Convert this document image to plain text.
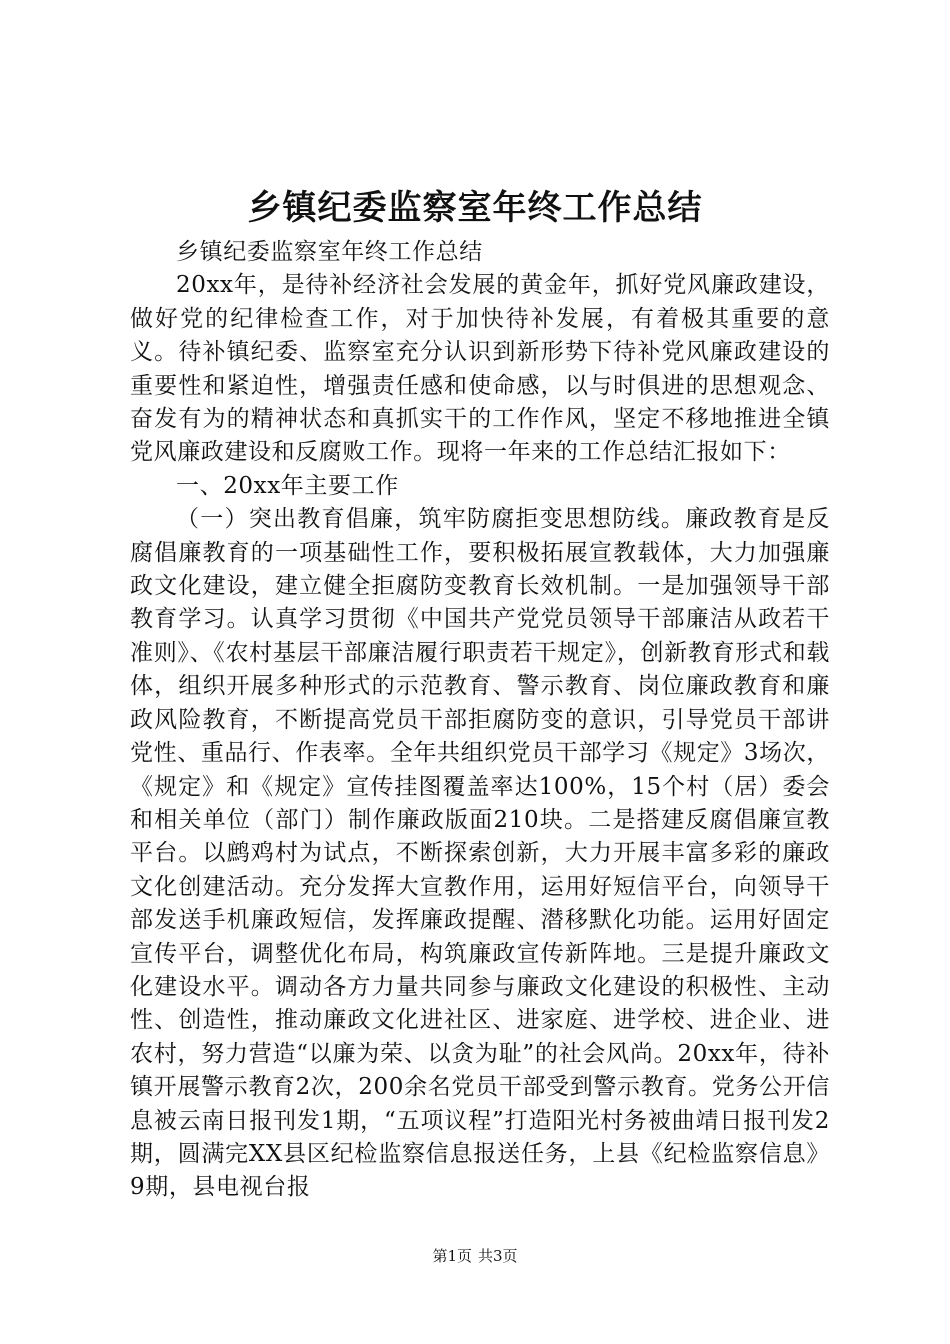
乡镇纪委监察室年终工作总结

乡镇纪委监察室年终工作总结

20xx年，是待补经济社会发展的黄金年，抓好党风廉政建设，做好党的纪律检查工作，对于加快待补发展，有着极其重要的意义。待补镇纪委、监察室充分认识到新形势下待补党风廉政建设的重要性和紧迫性，增强责任感和使命感，以与时俱进的思想观念、奋发有为的精神状态和真抓实干的工作作风，坚定不移地推进全镇党风廉政建设和反腐败工作。现将一年来的工作总结汇报如下：

一、20xx年主要工作

（一）突出教育倡廉，筑牢防腐拒变思想防线。廉政教育是反腐倡廉教育的一项基础性工作，要积极拓展宣教载体，大力加强廉政文化建设，建立健全拒腐防变教育长效机制。一是加强领导干部教育学习。认真学习贯彻《中国共产党党员领导干部廉洁从政若干准则》、《农村基层干部廉洁履行职责若干规定》，创新教育形式和载体，组织开展多种形式的示范教育、警示教育、岗位廉政教育和廉政风险教育，不断提高党员干部拒腐防变的意识，引导党员干部讲党性、重品行、作表率。全年共组织党员干部学习《规定》3场次，《规定》和《规定》宣传挂图覆盖率达100%，15个村（居）委会和相关单位（部门）制作廉政版面210块。二是搭建反腐倡廉宣教平台。以鹧鸡村为试点，不断探索创新，大力开展丰富多彩的廉政文化创建活动。充分发挥大宣教作用，运用好短信平台，向领导干部发送手机廉政短信，发挥廉政提醒、潜移默化功能。运用好固定宣传平台，调整优化布局，构筑廉政宣传新阵地。三是提升廉政文化建设水平。调动各方力量共同参与廉政文化建设的积极性、主动性、创造性，推动廉政文化进社区、进家庭、进学校、进企业、进农村，努力营造“以廉为荣、以贪为耻”的社会风尚。20xx年，待补镇开展警示教育2次，200余名党员干部受到警示教育。党务公开信息被云南日报刊发1期，“五项议程”打造阳光村务被曲靖日报刊发2期，圆满完XX县区纪检监察信息报送任务，上县《纪检监察信息》9期，县电视台报

第1页 共3页
